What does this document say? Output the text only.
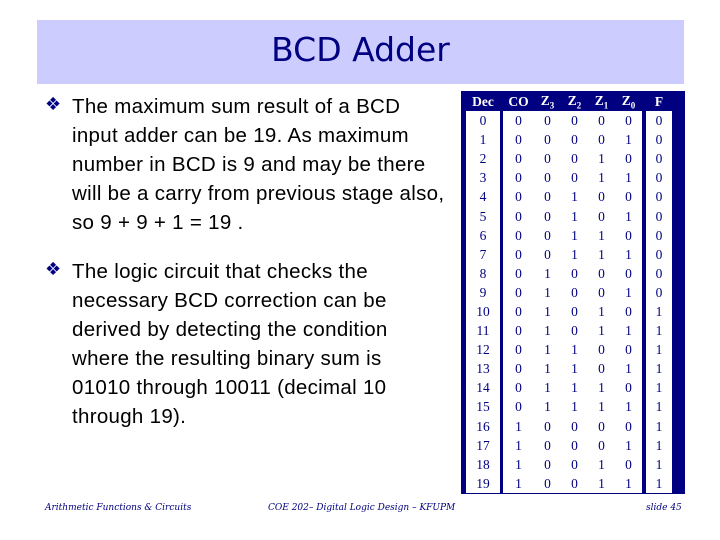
BCD Adder
❖ The maximum sum result of a BCD input adder can be 19. As maximum number in BCD is 9 and may be there will be a carry from previous stage also, so 9 + 9 + 1 = 19 .
❖ The logic circuit that checks the necessary BCD correction can be derived by detecting the condition where the resulting binary sum is 01010 through 10011 (decimal 10 through 19).
Dec		CO	$Z_3$	$Z_2$	$Z_1$	$Z_0$		F
0		0	0	0	0	0		0
1		0	0	0	0	1		0
2		0	0	0	1	0		0
3		0	0	0	1	1		0
4		0	0	1	0	0		0
5		0	0	1	0	1		0
6		0	0	1	1	0		0
7		0	0	1	1	1		0
8		0	1	0	0	0		0
9		0	1	0	0	1		0
10		0	1	0	1	0		1
11		0	1	0	1	1		1
12		0	1	1	0	0		1
13		0	1	1	0	1		1
14		0	1	1	1	0		1
15		0	1	1	1	1		1
16		1	0	0	0	0		1
17		1	0	0	0	1		1
18		1	0	0	1	0		1
19		1	0	0	1	1		1
Arithmetic Functions & Circuits	COE 202– Digital Logic Design – KFUPM	slide 45
